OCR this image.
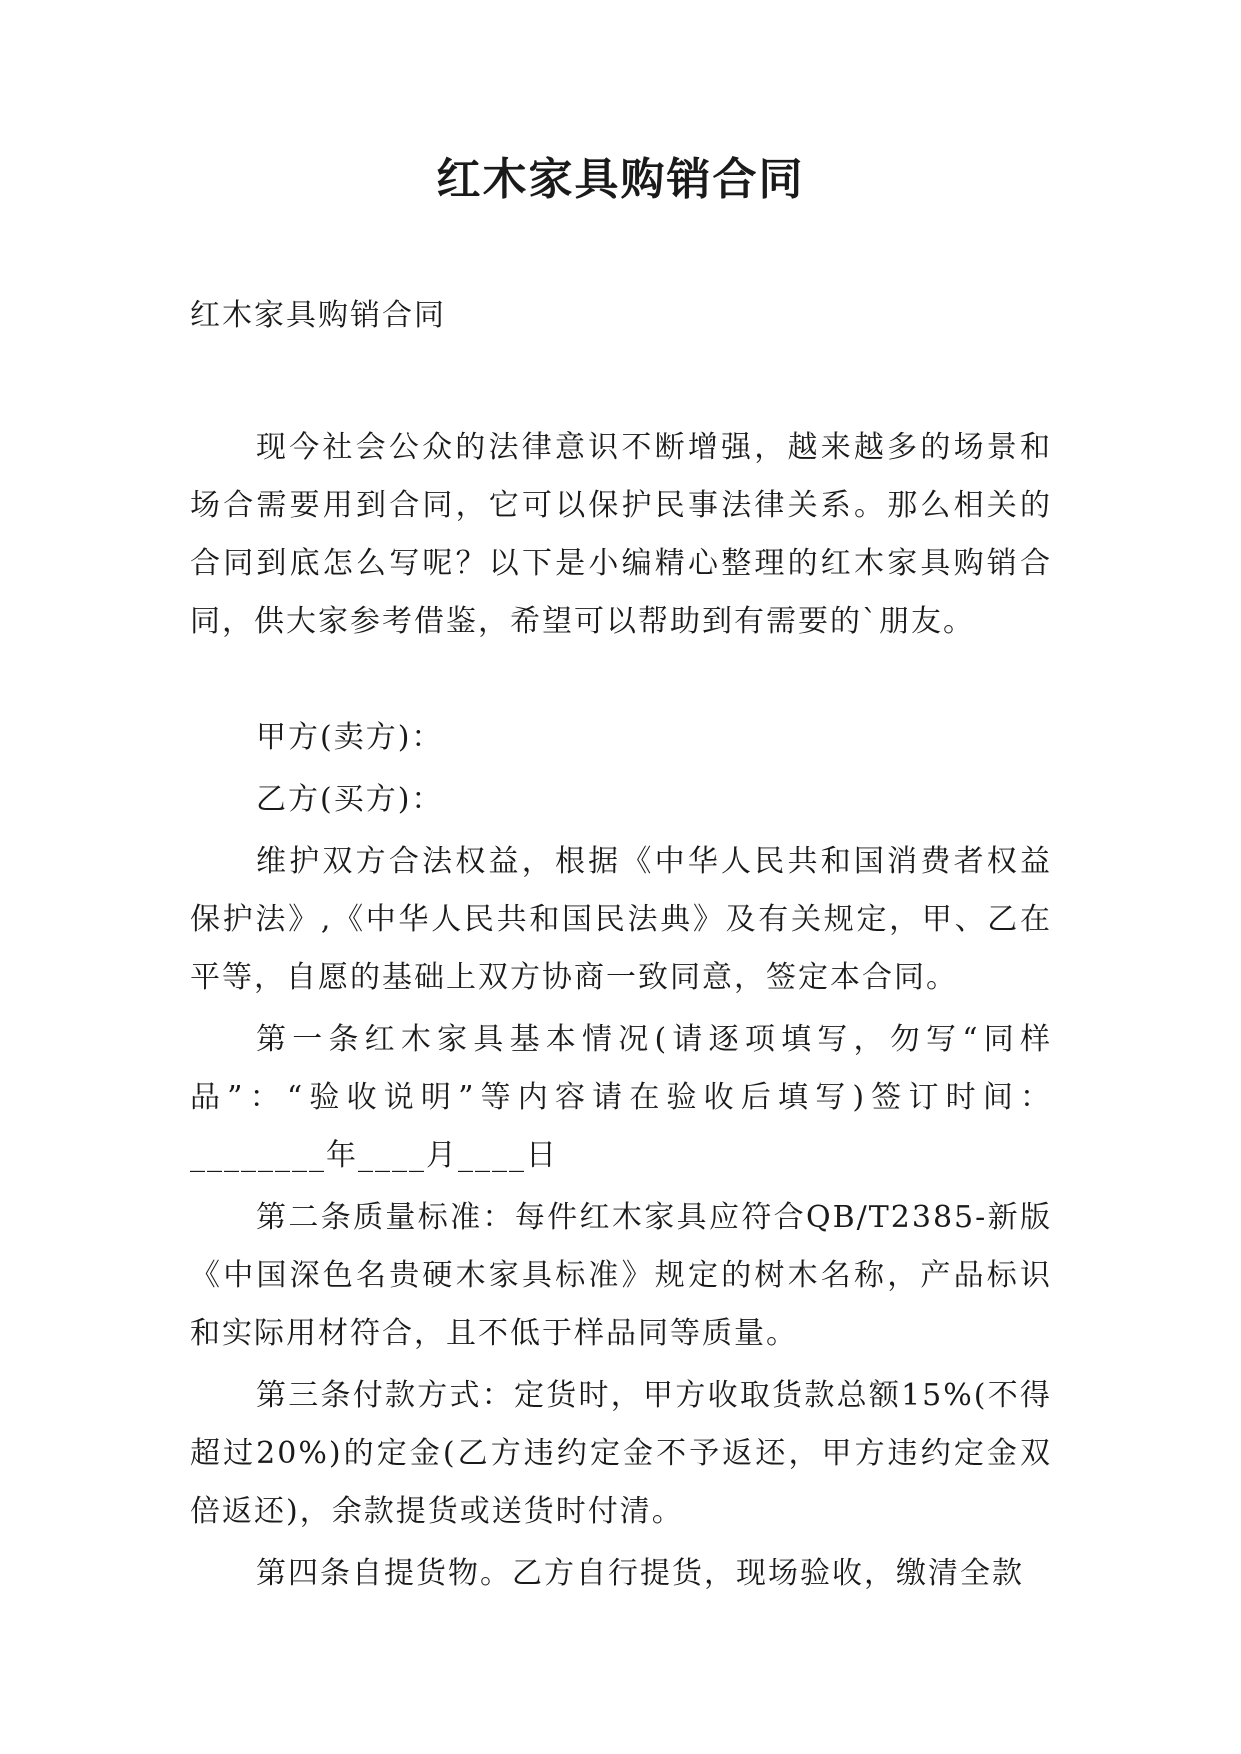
红木家具购销合同

红木家具购销合同

现今社会公众的法律意识不断增强，越来越多的场景和场合需要用到合同，它可以保护民事法律关系。那么相关的合同到底怎么写呢？以下是小编精心整理的红木家具购销合同，供大家参考借鉴，希望可以帮助到有需要的`朋友。

甲方(卖方)：

乙方(买方)：

维护双方合法权益，根据《中华人民共和国消费者权益保护法》,《中华人民共和国民法典》及有关规定，甲、乙在平等，自愿的基础上双方协商一致同意，签定本合同。

第一条红木家具基本情况(请逐项填写，勿写“同样品”：“验收说明”等内容请在验收后填写)签订时间：________年____月____日

第二条质量标准：每件红木家具应符合QB/T2385-新版《中国深色名贵硬木家具标准》规定的树木名称，产品标识和实际用材符合，且不低于样品同等质量。

第三条付款方式：定货时，甲方收取货款总额15%(不得超过20%)的定金(乙方违约定金不予返还，甲方违约定金双倍返还)，余款提货或送货时付清。

第四条自提货物。乙方自行提货，现场验收，缴清全款
